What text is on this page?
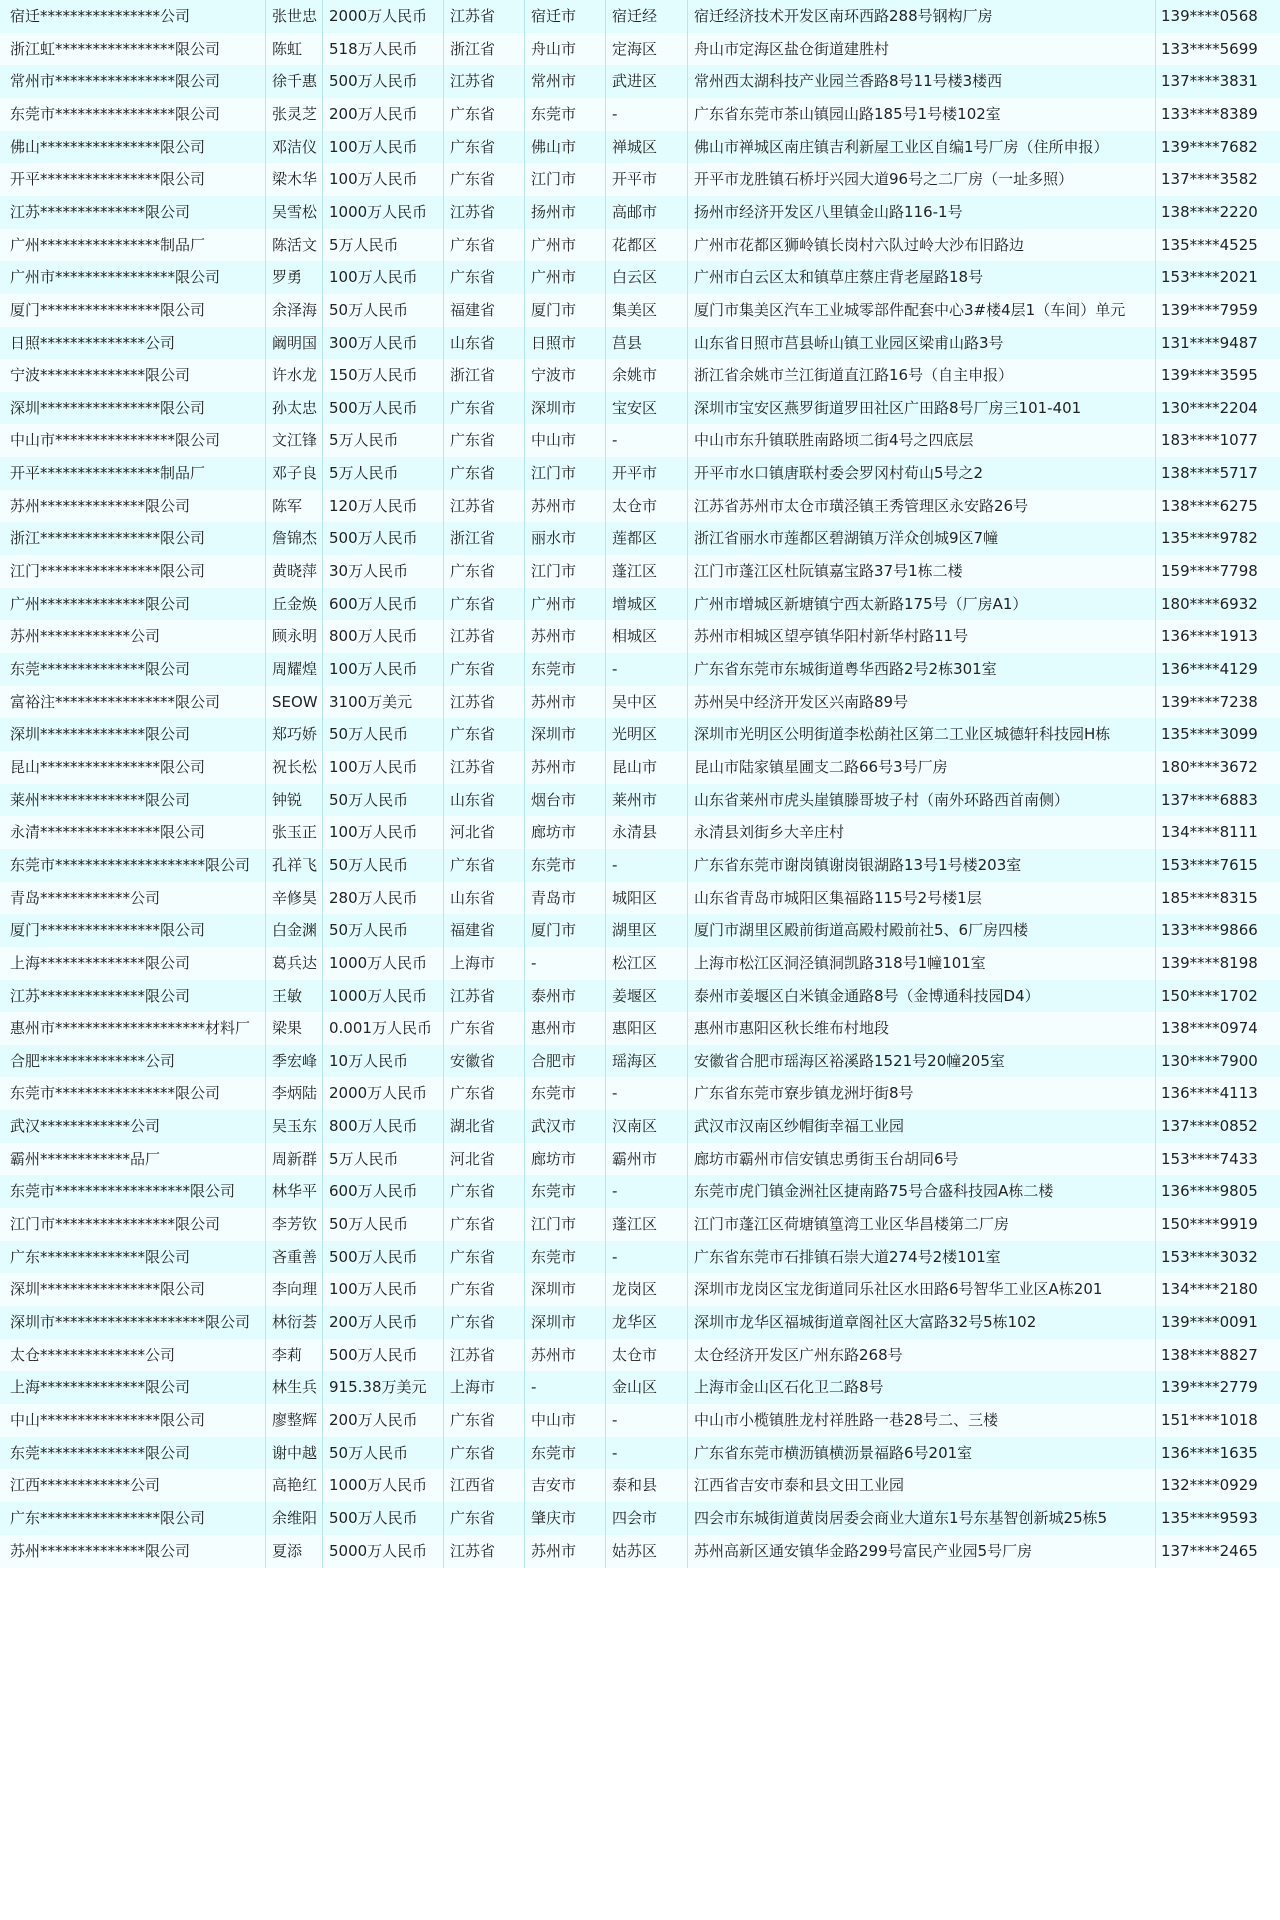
宿迁****************公司	张世忠 2000万人民币	江苏省	宿迁市	宿迁经	宿迁经济技术开发区南环西路288号钢构厂房	139****0568
浙江虹****************限公司	陈虹	518万人民币	浙江省	舟山市	定海区	舟山市定海区盐仓街道建胜村	133****5699
常州市****************限公司	徐千惠 500万人民币	江苏省	常州市	武进区	常州西太湖科技产业园兰香路8号11号楼3楼西	137****3831
东莞市****************限公司	张灵芝 200万人民币	广东省	东莞市	-	广东省东莞市茶山镇园山路185号1号楼102室	133****8389
佛山****************限公司	邓洁仪 100万人民币	广东省	佛山市	禅城区	佛山市禅城区南庄镇吉利新屋工业区自编1号厂房（住所申报）	139****7682
开平****************限公司	梁木华 100万人民币	广东省	江门市	开平市	开平市龙胜镇石桥圩兴园大道96号之二厂房（一址多照）	137****3582
江苏**************限公司	吴雪松 1000万人民币	江苏省	扬州市	高邮市	扬州市经济开发区八里镇金山路116-1号	138****2220
广州****************制品厂	陈活文 5万人民币	广东省	广州市	花都区	广州市花都区狮岭镇长岗村六队过岭大沙布旧路边	135****4525
广州市****************限公司	罗勇	100万人民币	广东省	广州市	白云区	广州市白云区太和镇草庄蔡庄背老屋路18号	153****2021
厦门****************限公司	余泽海 50万人民币	福建省	厦门市	集美区	厦门市集美区汽车工业城零部件配套中心3#楼4层1（车间）单元	139****7959
日照**************公司	阚明国 300万人民币	山东省	日照市	莒县	山东省日照市莒县峤山镇工业园区梁甫山路3号	131****9487
宁波**************限公司	许水龙 150万人民币	浙江省	宁波市	余姚市	浙江省余姚市兰江街道直江路16号（自主申报）	139****3595
深圳****************限公司	孙太忠 500万人民币	广东省	深圳市	宝安区	深圳市宝安区燕罗街道罗田社区广田路8号厂房三101-401	130****2204
中山市****************限公司	文江锋 5万人民币	广东省	中山市	-	中山市东升镇联胜南路顷二街4号之四底层	183****1077
开平****************制品厂	邓子良 5万人民币	广东省	江门市	开平市	开平市水口镇唐联村委会罗冈村荀山5号之2	138****5717
苏州**************限公司	陈军	120万人民币	江苏省	苏州市	太仓市	江苏省苏州市太仓市璜泾镇王秀管理区永安路26号	138****6275
浙江****************限公司	詹锦杰 500万人民币	浙江省	丽水市	莲都区	浙江省丽水市莲都区碧湖镇万洋众创城9区7幢	135****9782
江门****************限公司	黄晓萍 30万人民币	广东省	江门市	蓬江区	江门市蓬江区杜阮镇嘉宝路37号1栋二楼	159****7798
广州**************限公司	丘金焕 600万人民币	广东省	广州市	增城区	广州市增城区新塘镇宁西太新路175号（厂房A1）	180****6932
苏州************公司	顾永明 800万人民币	江苏省	苏州市	相城区	苏州市相城区望亭镇华阳村新华村路11号	136****1913
东莞**************限公司	周耀煌 100万人民币	广东省	东莞市	-	广东省东莞市东城街道粤华西路2号2栋301室	136****4129
富裕注****************限公司	SEOW 3100万美元	江苏省	苏州市	吴中区	苏州吴中经济开发区兴南路89号	139****7238
深圳**************限公司	郑巧娇 50万人民币	广东省	深圳市	光明区	深圳市光明区公明街道李松蓢社区第二工业区城德轩科技园H栋	135****3099
昆山****************限公司	祝长松 100万人民币	江苏省	苏州市	昆山市	昆山市陆家镇星圃支二路66号3号厂房	180****3672
莱州**************限公司	钟锐	50万人民币	山东省	烟台市	莱州市	山东省莱州市虎头崖镇滕哥坡子村（南外环路西首南侧）	137****6883
永清****************限公司	张玉正 100万人民币	河北省	廊坊市	永清县	永清县刘街乡大辛庄村	134****8111
东莞市********************限公司	孔祥飞 50万人民币	广东省	东莞市	-	广东省东莞市谢岗镇谢岗银湖路13号1号楼203室	153****7615
青岛************公司	辛修昊 280万人民币	山东省	青岛市	城阳区	山东省青岛市城阳区集福路115号2号楼1层	185****8315
厦门****************限公司	白金渊 50万人民币	福建省	厦门市	湖里区	厦门市湖里区殿前街道高殿村殿前社5、6厂房四楼	133****9866
上海**************限公司	葛兵达 1000万人民币	上海市	-	松江区	上海市松江区洞泾镇洞凯路318号1幢101室	139****8198
江苏**************限公司	王敏	1000万人民币	江苏省	泰州市	姜堰区	泰州市姜堰区白米镇金通路8号（金博通科技园D4）	150****1702
惠州市********************材料厂	梁果	0.001万人民币	广东省	惠州市	惠阳区	惠州市惠阳区秋长维布村地段	138****0974
合肥**************公司	季宏峰 10万人民币	安徽省	合肥市	瑶海区	安徽省合肥市瑶海区裕溪路1521号20幢205室	130****7900
东莞市****************限公司	李炳陆 2000万人民币	广东省	东莞市	-	广东省东莞市寮步镇龙洲圩街8号	136****4113
武汉************公司	吴玉东 800万人民币	湖北省	武汉市	汉南区	武汉市汉南区纱帽街幸福工业园	137****0852
霸州************品厂	周新群 5万人民币	河北省	廊坊市	霸州市	廊坊市霸州市信安镇忠勇街玉台胡同6号	153****7433
东莞市******************限公司	林华平 600万人民币	广东省	东莞市	-	东莞市虎门镇金洲社区捷南路75号合盛科技园A栋二楼	136****9805
江门市****************限公司	李芳钦 50万人民币	广东省	江门市	蓬江区	江门市蓬江区荷塘镇篁湾工业区华昌楼第二厂房	150****9919
广东**************限公司	吝重善 500万人民币	广东省	东莞市	-	广东省东莞市石排镇石崇大道274号2楼101室	153****3032
深圳****************限公司	李向理 100万人民币	广东省	深圳市	龙岗区	深圳市龙岗区宝龙街道同乐社区水田路6号智华工业区A栋201	134****2180
深圳市********************限公司	林衍荟 200万人民币	广东省	深圳市	龙华区	深圳市龙华区福城街道章阁社区大富路32号5栋102	139****0091
太仓**************公司	李莉	500万人民币	江苏省	苏州市	太仓市	太仓经济开发区广州东路268号	138****8827
上海**************限公司	林生兵 915.38万美元	上海市	-	金山区	上海市金山区石化卫二路8号	139****2779
中山****************限公司	廖整辉 200万人民币	广东省	中山市	-	中山市小榄镇胜龙村祥胜路一巷28号二、三楼	151****1018
东莞**************限公司	谢中越 50万人民币	广东省	东莞市	-	广东省东莞市横沥镇横沥景福路6号201室	136****1635
江西************公司	高艳红 1000万人民币	江西省	吉安市	泰和县	江西省吉安市泰和县文田工业园	132****0929
广东****************限公司	余维阳 500万人民币	广东省	肇庆市	四会市	四会市东城街道黄岗居委会商业大道东1号东基智创新城25栋5	135****9593
苏州**************限公司	夏添	5000万人民币	江苏省	苏州市	姑苏区	苏州高新区通安镇华金路299号富民产业园5号厂房	137****2465
